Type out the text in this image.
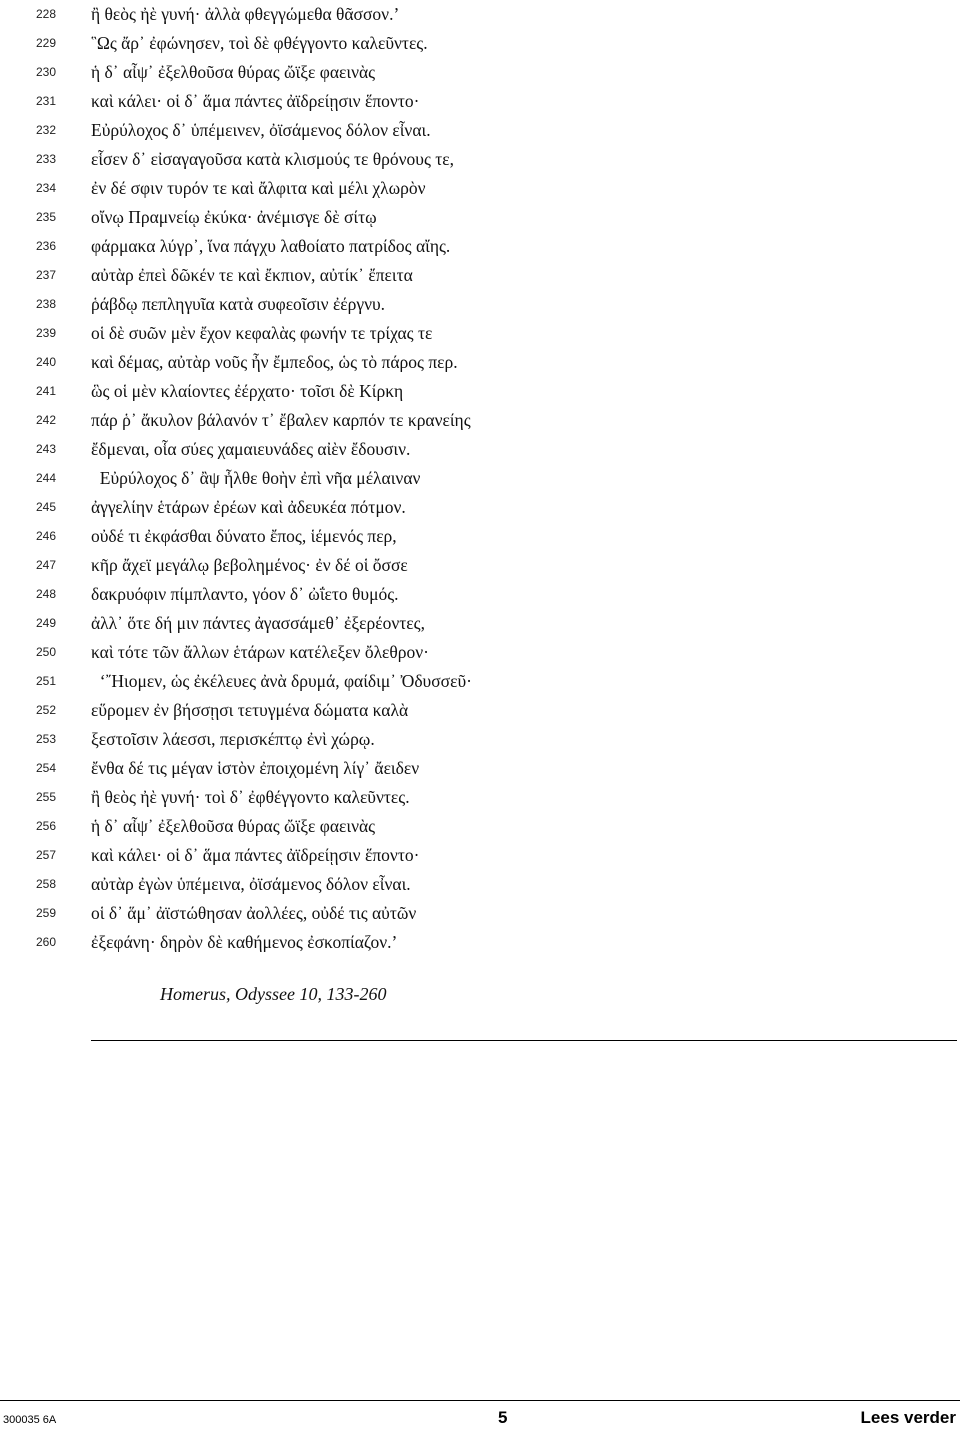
228 ἢ θεὸς ἠὲ γυνή· ἀλλὰ φθεγγώμεθα θᾶσσον.’
229 ῝Ως ἄρ᾽ ἐφώνησεν, τοὶ δὲ φθέγγοντο καλεῦντες.
230 ἡ δ᾽ αἶψ᾽ ἐξελθοῦσα θύρας ὤϊξε φαεινὰς
231 καὶ κάλει· οἱ δ᾽ ἅμα πάντες ἀϊδρείῃσιν ἕποντο·
232 Εὐρύλοχος δ᾽ ὑπέμεινεν, ὀϊσάμενος δόλον εἶναι.
233 εἷσεν δ᾽ εἰσαγαγοῦσα κατὰ κλισμούς τε θρόνους τε,
234 ἐν δέ σφιν τυρόν τε καὶ ἄλφιτα καὶ μέλι χλωρὸν
235 οἴνῳ Πραμνείῳ ἐκύκα· ἀνέμισγε δὲ σίτῳ
236 φάρμακα λύγρ᾽, ἵνα πάγχυ λαθοίατο πατρίδος αἴης.
237 αὐτὰρ ἐπεὶ δῶκέν τε καὶ ἔκπιον, αὐτίκ᾽ ἔπειτα
238 ῥάβδῳ πεπληγυῖα κατὰ συφεοῖσιν ἐέργνυ.
239 οἱ δὲ συῶν μὲν ἔχον κεφαλὰς φωνήν τε τρίχας τε
240 καὶ δέμας, αὐτὰρ νοῦς ἦν ἔμπεδος, ὡς τὸ πάρος περ.
241 ὣς οἱ μὲν κλαίοντες ἐέρχατο· τοῖσι δὲ Κίρκη
242 πάρ ῥ᾽ ἄκυλον βάλανόν τ᾽ ἔβαλεν καρπόν τε κρανείης
243 ἔδμεναι, οἷα σύες χαμαιευνάδες αἰὲν ἔδουσιν.
244 Εὐρύλοχος δ᾽ ἂψ ἦλθε θοὴν ἐπὶ νῆα μέλαιναν
245 ἀγγελίην ἑτάρων ἐρέων καὶ ἀδευκέα πότμον.
246 οὐδέ τι ἐκφάσθαι δύνατο ἔπος, ἱέμενός περ,
247 κῆρ ἄχεϊ μεγάλῳ βεβολημένος· ἐν δέ οἱ ὄσσε
248 δακρυόφιν πίμπλαντο, γόον δ᾽ ὠΐετο θυμός.
249 ἀλλ᾽ ὅτε δή μιν πάντες ἀγασσάμεθ᾽ ἐξερέοντες,
250 καὶ τότε τῶν ἄλλων ἑτάρων κατέλεξεν ὄλεθρον·
251 ‘῎Ηιομεν, ὡς ἐκέλευες ἀνὰ δρυμά, φαίδιμ᾽ Ὀδυσσεῦ·
252 εὕρομεν ἐν βήσσῃσι τετυγμένα δώματα καλὰ
253 ξεστοῖσιν λάεσσι, περισκέπτῳ ἐνὶ χώρῳ.
254 ἔνθα δέ τις μέγαν ἱστὸν ἐποιχομένη λίγ᾽ ἄειδεν
255 ἢ θεὸς ἠὲ γυνή· τοὶ δ᾽ ἐφθέγγοντο καλεῦντες.
256 ἡ δ᾽ αἶψ᾽ ἐξελθοῦσα θύρας ὤϊξε φαεινὰς
257 καὶ κάλει· οἱ δ᾽ ἅμα πάντες ἀϊδρείῃσιν ἕποντο·
258 αὐτὰρ ἐγὼν ὑπέμεινα, ὀϊσάμενος δόλον εἶναι.
259 οἱ δ᾽ ἅμ᾽ ἀϊστώθησαν ἀολλέες, οὐδέ τις αὐτῶν
260 ἐξεφάνη· δηρὸν δὲ καθήμενος ἐσκοπίαζον.’
Homerus, Odyssee 10, 133-260
300035 6A	5	Lees verder
